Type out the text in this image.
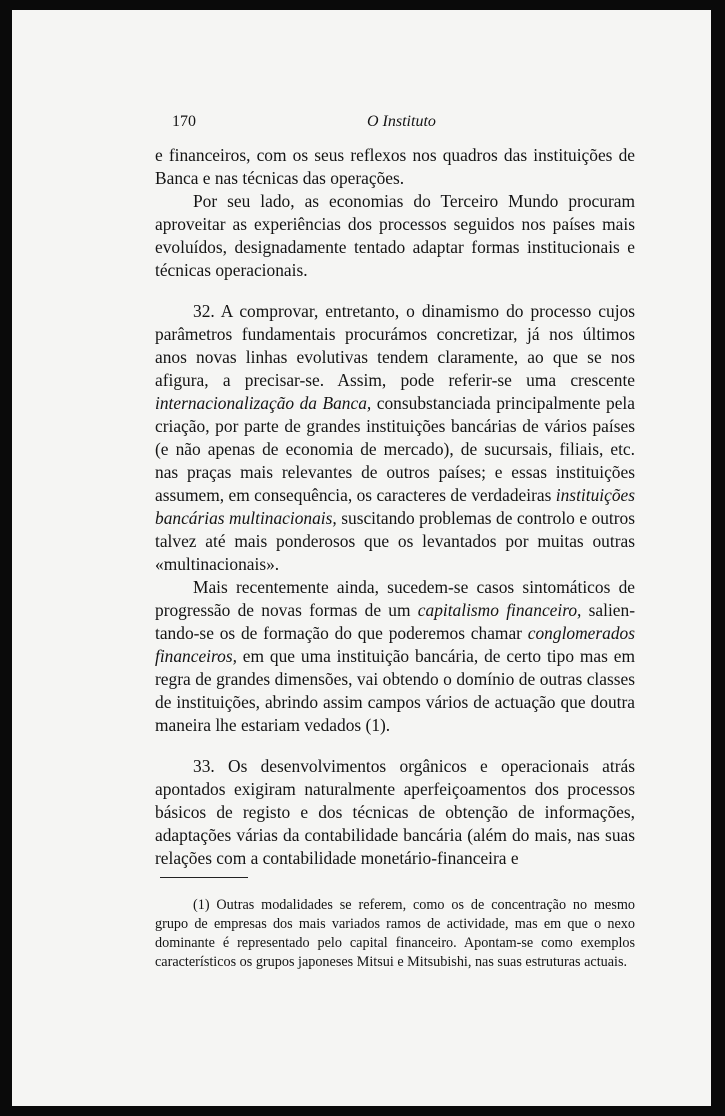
170	O Instituto

e financeiros, com os seus reflexos nos quadros das instituições de Banca e nas técnicas das operações.

Por seu lado, as economias do Terceiro Mundo procuram aproveitar as experiências dos processos seguidos nos países mais evoluídos, designadamente tentado adaptar formas institucionais e técnicas operacionais.

32. A comprovar, entretanto, o dinamismo do processo cujos parâmetros fundamentais procurámos concretizar, já nos últimos anos novas linhas evolutivas tendem claramente, ao que se nos afigura, a precisar-se. Assim, pode referir-se uma crescente internacionalização da Banca, consubstanciada principalmente pela criação, por parte de grandes instituições bancárias de vários países (e não apenas de economia de mercado), de sucursais, filiais, etc. nas praças mais relevantes de outros países; e essas instituições assumem, em consequência, os caracteres de verdadeiras instituições bancárias multinacionais, suscitando problemas de controlo e outros talvez até mais ponderosos que os levantados por muitas outras «multinacionais».

Mais recentemente ainda, sucedem-se casos sintomáticos de progressão de novas formas de um capitalismo financeiro, salientando-se os de formação do que poderemos chamar conglomerados financeiros, em que uma instituição bancária, de certo tipo mas em regra de grandes dimensões, vai obtendo o domínio de outras classes de instituições, abrindo assim campos vários de actuação que doutra maneira lhe estariam vedados (1).

33. Os desenvolvimentos orgânicos e operacionais atrás apontados exigiram naturalmente aperfeiçoamentos dos processos básicos de registo e dos técnicas de obtenção de informações, adaptações várias da contabilidade bancária (além do mais, nas suas relações com a contabilidade monetário-financeira e

(1) Outras modalidades se referem, como os de concentração no mesmo grupo de empresas dos mais variados ramos de actividade, mas em que o nexo dominante é representado pelo capital financeiro. Apontam-se como exemplos característicos os grupos japoneses Mitsui e Mitsubishi, nas suas estruturas actuais.
